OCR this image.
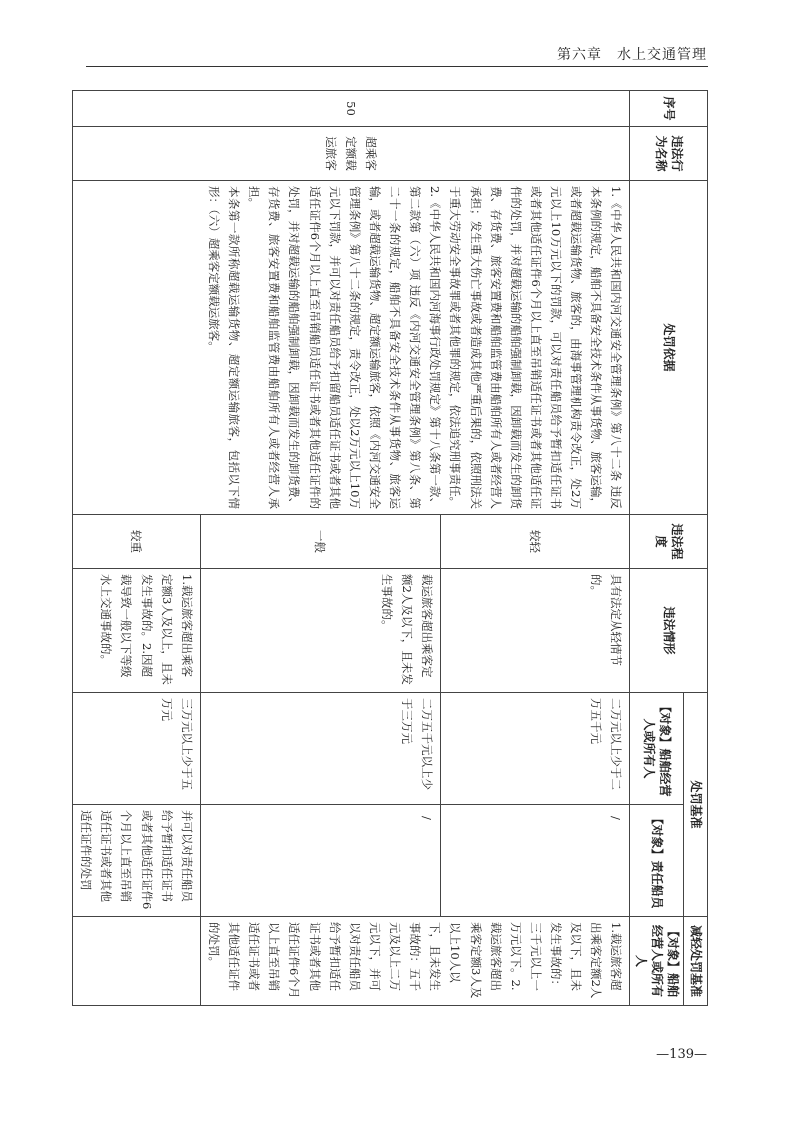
第六章　水上交通管理
序号	违法行为名称	处罚依据	违法程度	违法情形	处罚基准		减轻处罚基准
					【对象】船舶经营人或所有人	【对象】责任船员	【对象】船舶经营人或所有人
50	超乘客定额载运旅客	1.《中华人民共和国内河交通安全管理条例》第八十二条 违反本条例的规定，船舶不具备安全技术条件从事货物、旅客运输，或者超载运输货物、旅客的，由海事管理机构责令改正，处2万元以上10万元以下的罚款，可以对责任船员给予暂扣适任证书或者其他适任证件6个月以上直至吊销适任证书或者其他适任证件的处罚，并对超载运输的船舶强制卸载，因卸载而发生的卸货费、存货费、旅客安置费和船舶监管费由船舶所有人或者经营人承担；发生重大伤亡事故或者造成其他严重后果的，依照刑法关于重大劳动安全事故罪或者其他罪的规定，依法追究刑事责任。

2.《中华人民共和国内河海事行政处罚规定》第十八条第一款、第二款第（六）项 违反《内河交通安全管理条例》第八条、第二十一条的规定，船舶不具备安全技术条件从事货物、旅客运输，或者超载运输货物、超定额运输旅客，依照《内河交通安全管理条例》第八十二条的规定，责令改正，处以2万元以上10万元以下罚款，并可以对责任船员给予扣留船员适任证书或者其他适任证件6个月以上直至吊销船员适任证书或者其他适任证件的处罚，并对超载运输的船舶强制卸载，因卸载而发生的卸货费、存货费、旅客安置费和船舶监管费由船舶所有人或者经营人承担。

本条第一款所称超载运输货物、超定额运输旅客，包括以下情形：（六）超乘客定额载运旅客。	较轻	具有法定从轻情节的。	二万元以上少于二万五千元	/	1.载运旅客超出乘客定额2人及以下，且未发生事故的：三千元以上一万元以下。2.载运旅客超出乘客定额3人及以上10人以下，且未发生事故的：五千元及以上二万元以下，并可以对责任船员给予暂扣适任证书或者其他适任证件6个月以上直至吊销适任证书或者其他适任证件的处罚。
			一般	载运旅客超出乘客定额2人及以下，且未发生事故的。	二万五千元以上少于三万元	/	
			较重	1.载运旅客超出乘客定额3人及以上，且未发生事故的。2.因超载导致一般以下等级水上交通事故的。	三万元以上少于五万元	并可以对责任船员给予暂扣适任证书或者其他适任证件6个月以上直至吊销适任证书或者其他适任证件的处罚	
—139—
